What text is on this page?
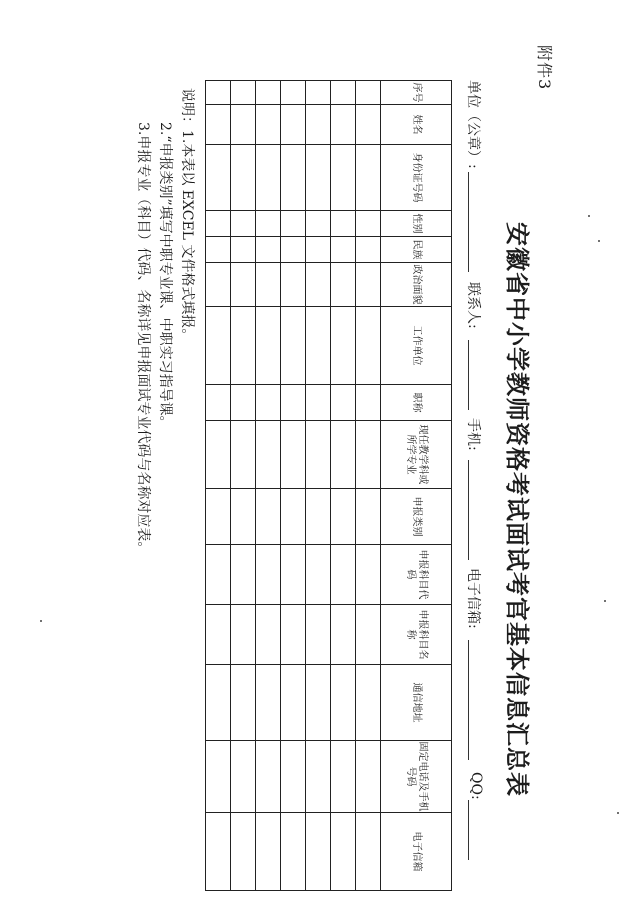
附件3
安徽省中小学教师资格考试面试考官基本信息汇总表
单位（公章）:
联系人:
手机:
电子信箱:
QQ:
序号	姓名	身份证号码	性别	民族	政治面貌	工作单位	职称	现任教学科或所学专业	申报类别	申报科目代码	申报科目名称	通信地址	固定电话及手机号码	电子信箱

说明：1.本表以 EXCEL 文件格式填报。
2.“申报类别”填写中职专业课、中职实习指导课。
3.申报专业（科目）代码、名称详见申报面试专业代码与名称对应表。
